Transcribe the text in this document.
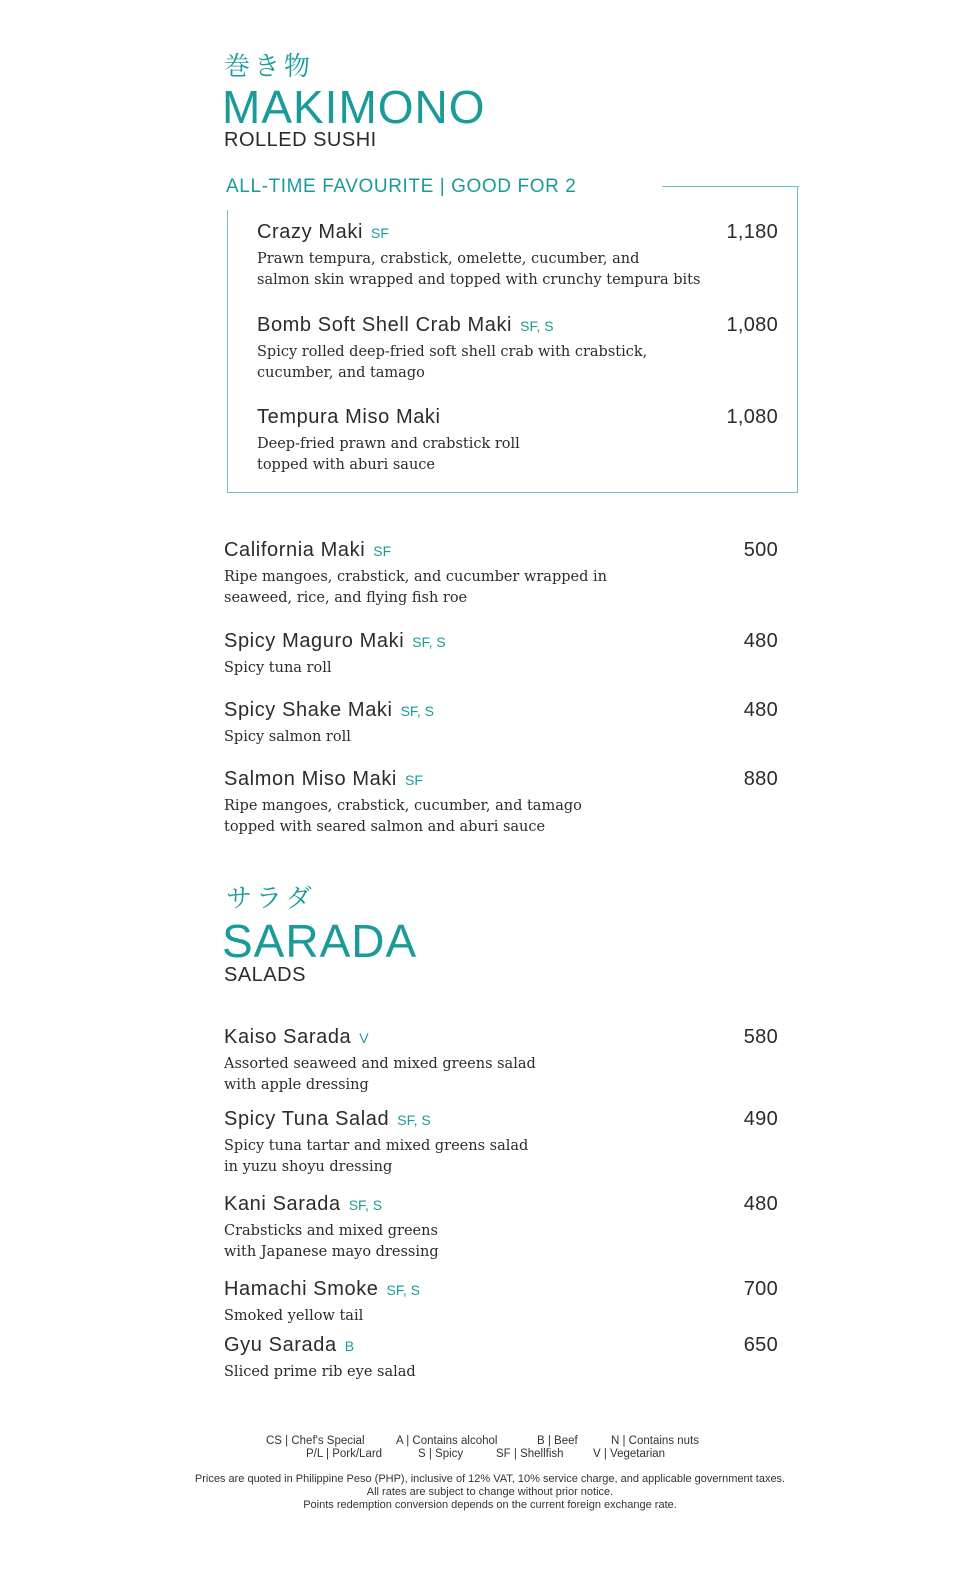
巻き物
MAKIMONO
ROLLED SUSHI
ALL-TIME FAVOURITE | GOOD FOR 2
Crazy Maki SF
Prawn tempura, crabstick, omelette, cucumber, and
salmon skin wrapped and topped with crunchy tempura bits
1,180
Bomb Soft Shell Crab Maki SF, S
Spicy rolled deep-fried soft shell crab with crabstick,
cucumber, and tamago
1,080
Tempura Miso Maki
Deep-fried prawn and crabstick roll
topped with aburi sauce
1,080
California Maki SF
Ripe mangoes, crabstick, and cucumber wrapped in
seaweed, rice, and flying fish roe
500
Spicy Maguro Maki SF, S
Spicy tuna roll
480
Spicy Shake Maki SF, S
Spicy salmon roll
480
Salmon Miso Maki SF
Ripe mangoes, crabstick, cucumber, and tamago
topped with seared salmon and aburi sauce
880
サラダ
SARADA
SALADS
Kaiso Sarada V
Assorted seaweed and mixed greens salad
with apple dressing
580
Spicy Tuna Salad SF, S
Spicy tuna tartar and mixed greens salad
in yuzu shoyu dressing
490
Kani Sarada SF, S
Crabsticks and mixed greens
with Japanese mayo dressing
480
Hamachi Smoke SF, S
Smoked yellow tail
700
Gyu Sarada B
Sliced prime rib eye salad
650
CS | Chef's Special	A | Contains alcohol	B | Beef	N | Contains nuts
P/L | Pork/Lard	S | Spicy	SF | Shellfish	V | Vegetarian
Prices are quoted in Philippine Peso (PHP), inclusive of 12% VAT, 10% service charge, and applicable government taxes.
All rates are subject to change without prior notice.
Points redemption conversion depends on the current foreign exchange rate.
